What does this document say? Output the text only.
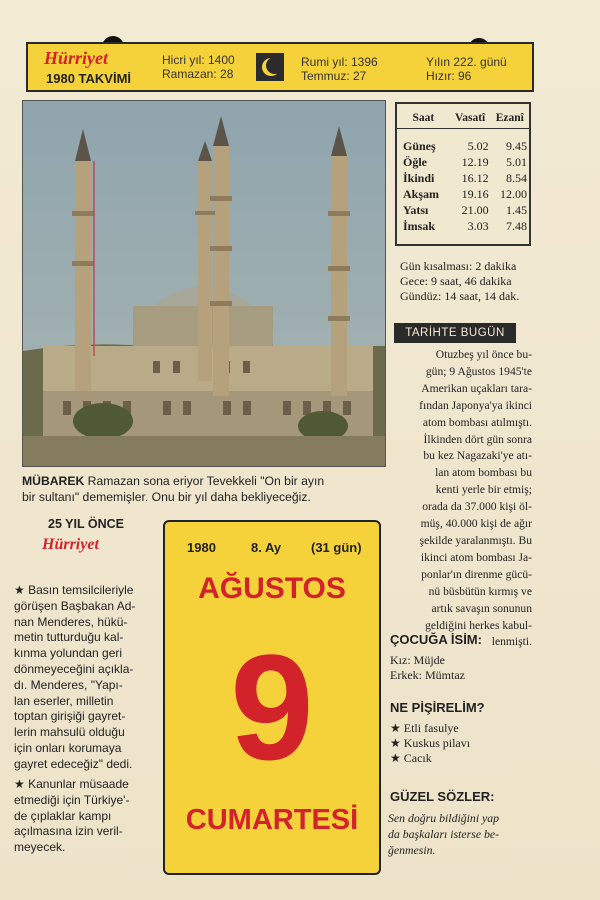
Hürriyet
1980 TAKVİMİ
Hicri yıl: 1400
Ramazan: 28
Rumi yıl: 1396
Temmuz: 27
Yılın 222. günü
Hızır: 96
Saat	Vasatî	Ezanî
Güneş	5.02	9.45
Öğle	12.19	5.01
İkindi	16.12	8.54
Akşam	19.16	12.00
Yatsı	21.00	1.45
İmsak	3.03	7.48
Gün kısalması: 2 dakika
Gece: 9 saat, 46 dakika
Gündüz: 14 saat, 14 dak.
TARİHTE BUGÜN
Otuzbeş yıl önce bu-
gün; 9 Ağustos 1945'te
Amerikan uçakları tara-
fından Japonya'ya ikinci
atom bombası atılmıştı.
İlkinden dört gün sonra
bu kez Nagazaki'ye atı-
lan atom bombası bu
kenti yerle bir etmiş;
orada da 37.000 kişi öl-
müş, 40.000 kişi de ağır
şekilde yaralanmıştı. Bu
ikinci atom bombası Ja-
ponlar'ın direnme gücü-
nü büsbütün kırmış ve
artık savaşın sonunun
geldiğini herkes kabul-
lenmişti.
ÇOCUĞA İSİM:
Kız: Müjde
Erkek: Mümtaz
NE PİŞİRELİM?
★ Etli fasulye
★ Kuskus pilavı
★ Cacık
GÜZEL SÖZLER:
Sen doğru bildiğini yap
da başkaları isterse be-
ğenmesin.
MÜBAREK Ramazan sona eriyor Tevekkeli "On bir ayın
bir sultanı" dememişler. Onu bir yıl daha bekliyeceğiz.
25 YIL ÖNCE
Hürriyet
★ Basın temsilcileriyle
görüşen Başbakan Ad-
nan Menderes, hükü-
metin tutturduğu kal-
kınma yolundan geri
dönmeyeceğini açıkla-
dı. Menderes, "Yapı-
lan eserler, milletin
toptan girişiği gayret-
lerin mahsulü olduğu
için onları korumaya
gayret edeceğiz" dedi.
★ Kanunlar müsaade
etmediği için Türkiye'-
de çıplaklar kampı
açılmasına izin veril-
meyecek.
1980	8. Ay (31 gün)
AĞUSTOS
9
CUMARTESİ
